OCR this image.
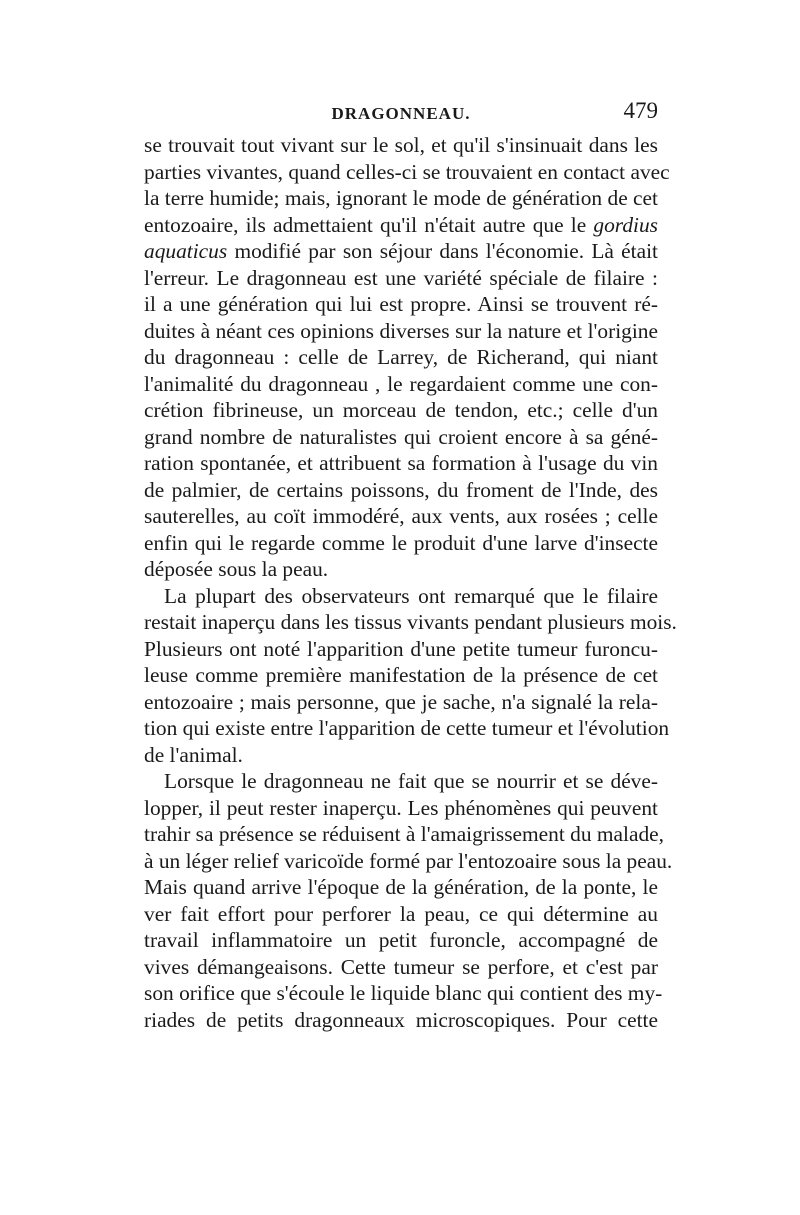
DRAGONNEAU.	479
se trouvait tout vivant sur le sol, et qu'il s'insinuait dans les
parties vivantes, quand celles-ci se trouvaient en contact avec
la terre humide; mais, ignorant le mode de génération de cet
entozoaire, ils admettaient qu'il n'était autre que le gordius
aquaticus modifié par son séjour dans l'économie. Là était
l'erreur. Le dragonneau est une variété spéciale de filaire :
il a une génération qui lui est propre. Ainsi se trouvent ré-
duites à néant ces opinions diverses sur la nature et l'origine
du dragonneau : celle de Larrey, de Richerand, qui niant
l'animalité du dragonneau , le regardaient comme une con-
crétion fibrineuse, un morceau de tendon, etc.; celle d'un
grand nombre de naturalistes qui croient encore à sa géné-
ration spontanée, et attribuent sa formation à l'usage du vin
de palmier, de certains poissons, du froment de l'Inde, des
sauterelles, au coït immodéré, aux vents, aux rosées ; celle
enfin qui le regarde comme le produit d'une larve d'insecte
déposée sous la peau.
La plupart des observateurs ont remarqué que le filaire
restait inaperçu dans les tissus vivants pendant plusieurs mois.
Plusieurs ont noté l'apparition d'une petite tumeur furoncu-
leuse comme première manifestation de la présence de cet
entozoaire ; mais personne, que je sache, n'a signalé la rela-
tion qui existe entre l'apparition de cette tumeur et l'évolution
de l'animal.
Lorsque le dragonneau ne fait que se nourrir et se déve-
lopper, il peut rester inaperçu. Les phénomènes qui peuvent
trahir sa présence se réduisent à l'amaigrissement du malade,
à un léger relief varicoïde formé par l'entozoaire sous la peau.
Mais quand arrive l'époque de la génération, de la ponte, le
ver fait effort pour perforer la peau, ce qui détermine au
travail inflammatoire un petit furoncle, accompagné de
vives démangeaisons. Cette tumeur se perfore, et c'est par
son orifice que s'écoule le liquide blanc qui contient des my-
riades de petits dragonneaux microscopiques. Pour cette
